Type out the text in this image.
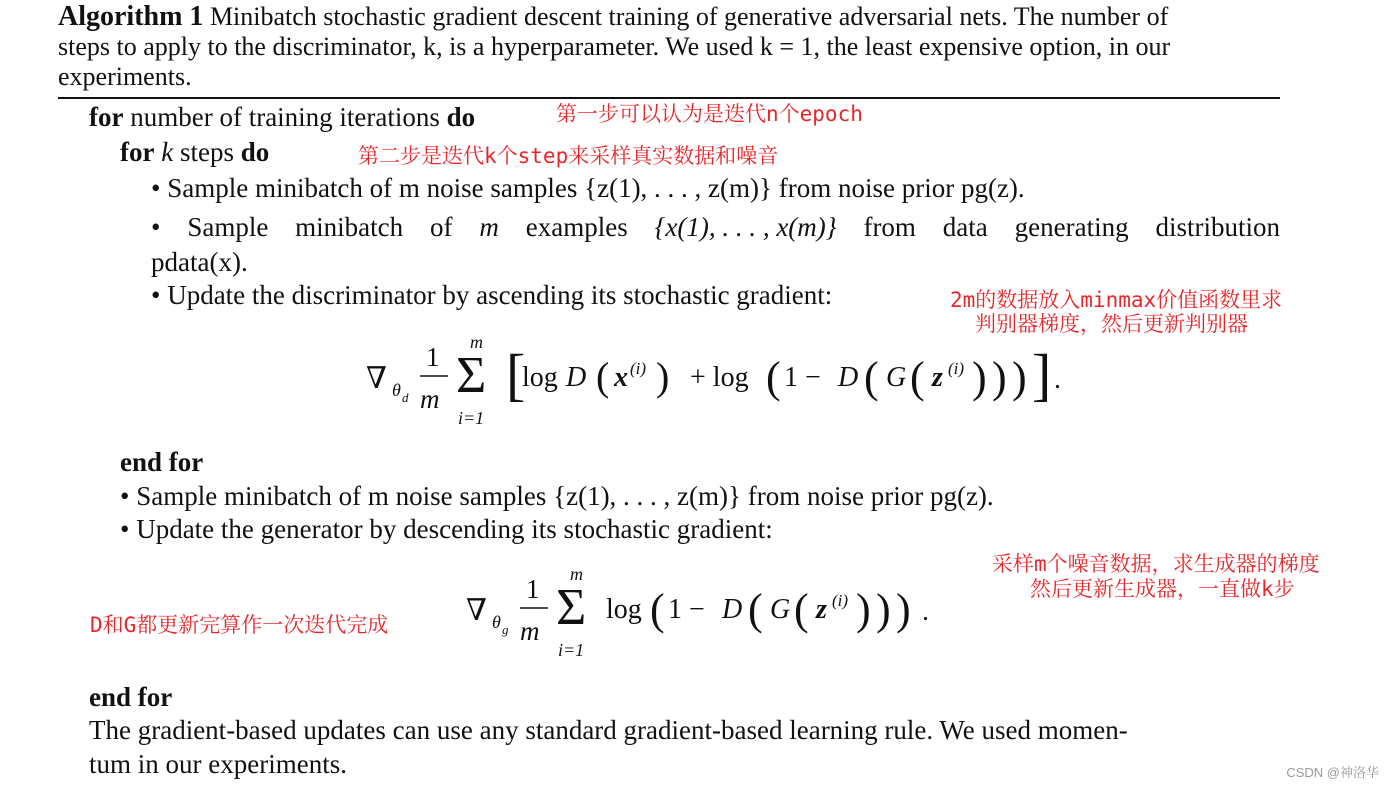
Algorithm 1 Minibatch stochastic gradient descent training of generative adversarial nets. The number of
steps to apply to the discriminator, k, is a hyperparameter. We used k = 1, the least expensive option, in our
experiments.
for number of training iterations do
for k steps do
• Sample minibatch of m noise samples {z(1), . . . , z(m)} from noise prior pg(z).
• Sample minibatch of m examples {x(1), . . . , x(m)} from data generating distribution
pdata(x).
• Update the discriminator by ascending its stochastic gradient:
∇ θ d
1
m
m
Σ
i=1
[
log D ( x (i) ) + log ( 1 − D ( G ( z (i) ) ) ) ] .
end for
• Sample minibatch of m noise samples {z(1), . . . , z(m)} from noise prior pg(z).
• Update the generator by descending its stochastic gradient:
∇ θ g
1
m
m
Σ
i=1
log ( 1 − D ( G ( z (i) ) ) ) .
end for
The gradient-based updates can use any standard gradient-based learning rule. We used momen-
tum in our experiments.
第一步可以认为是迭代n个epoch
第二步是迭代k个step来采样真实数据和噪音
2m的数据放入minmax价值函数里求
判别器梯度，然后更新判别器
采样m个噪音数据，求生成器的梯度
然后更新生成器，一直做k步
D和G都更新完算作一次迭代完成
CSDN @神洛华
